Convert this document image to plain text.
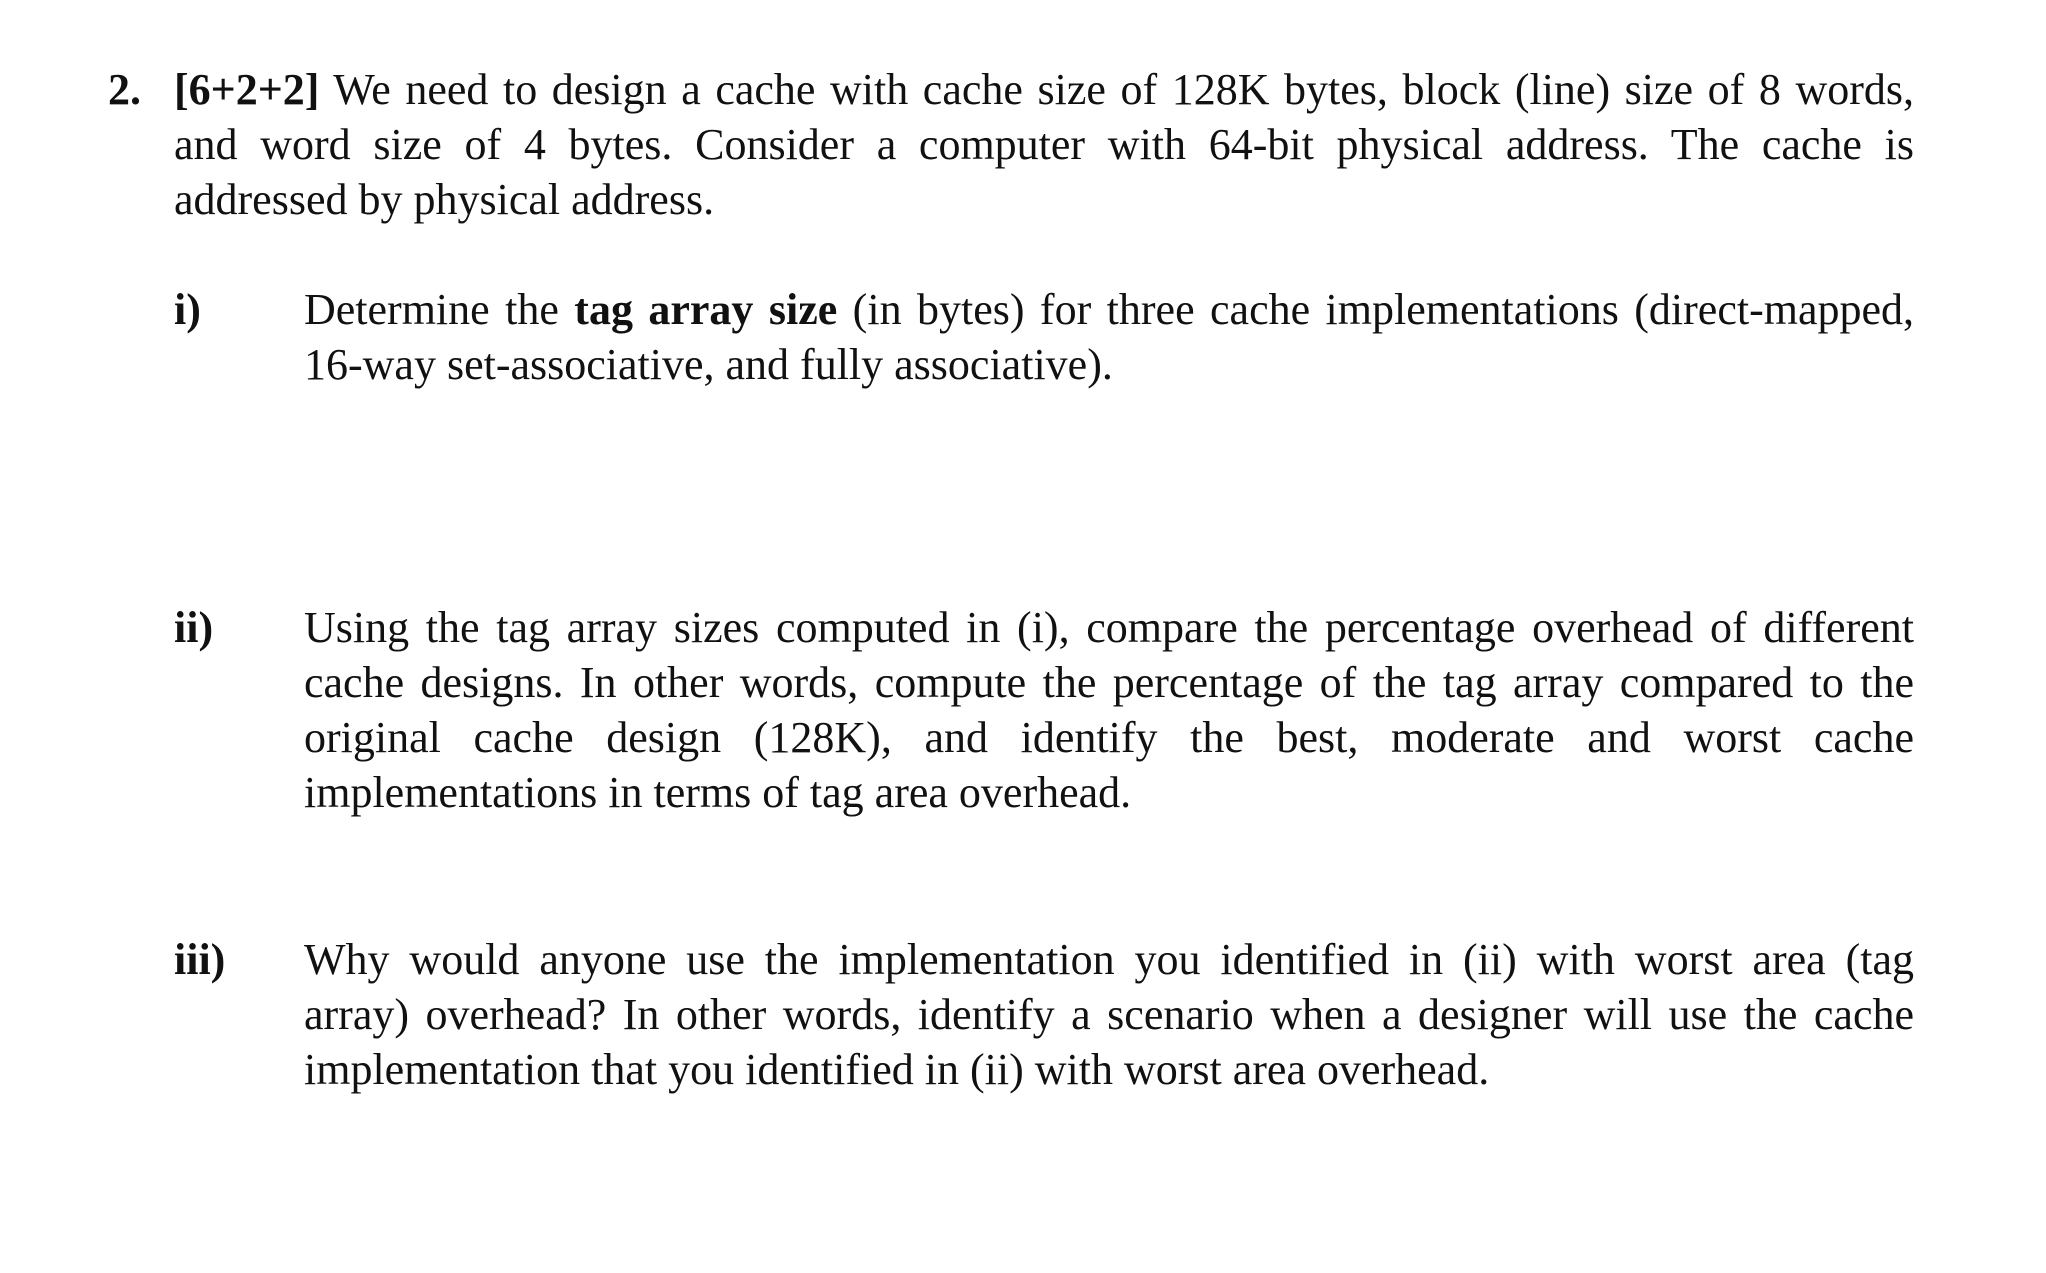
2. [6+2+2] We need to design a cache with cache size of 128K bytes, block (line) size of 8 words, and word size of 4 bytes. Consider a computer with 64-bit physical address. The cache is addressed by physical address.
i) Determine the tag array size (in bytes) for three cache implementations (direct-mapped, 16-way set-associative, and fully associative).
ii) Using the tag array sizes computed in (i), compare the percentage overhead of different cache designs. In other words, compute the percentage of the tag array compared to the original cache design (128K), and identify the best, moderate and worst cache implementations in terms of tag area overhead.
iii) Why would anyone use the implementation you identified in (ii) with worst area (tag array) overhead? In other words, identify a scenario when a designer will use the cache implementation that you identified in (ii) with worst area overhead.
